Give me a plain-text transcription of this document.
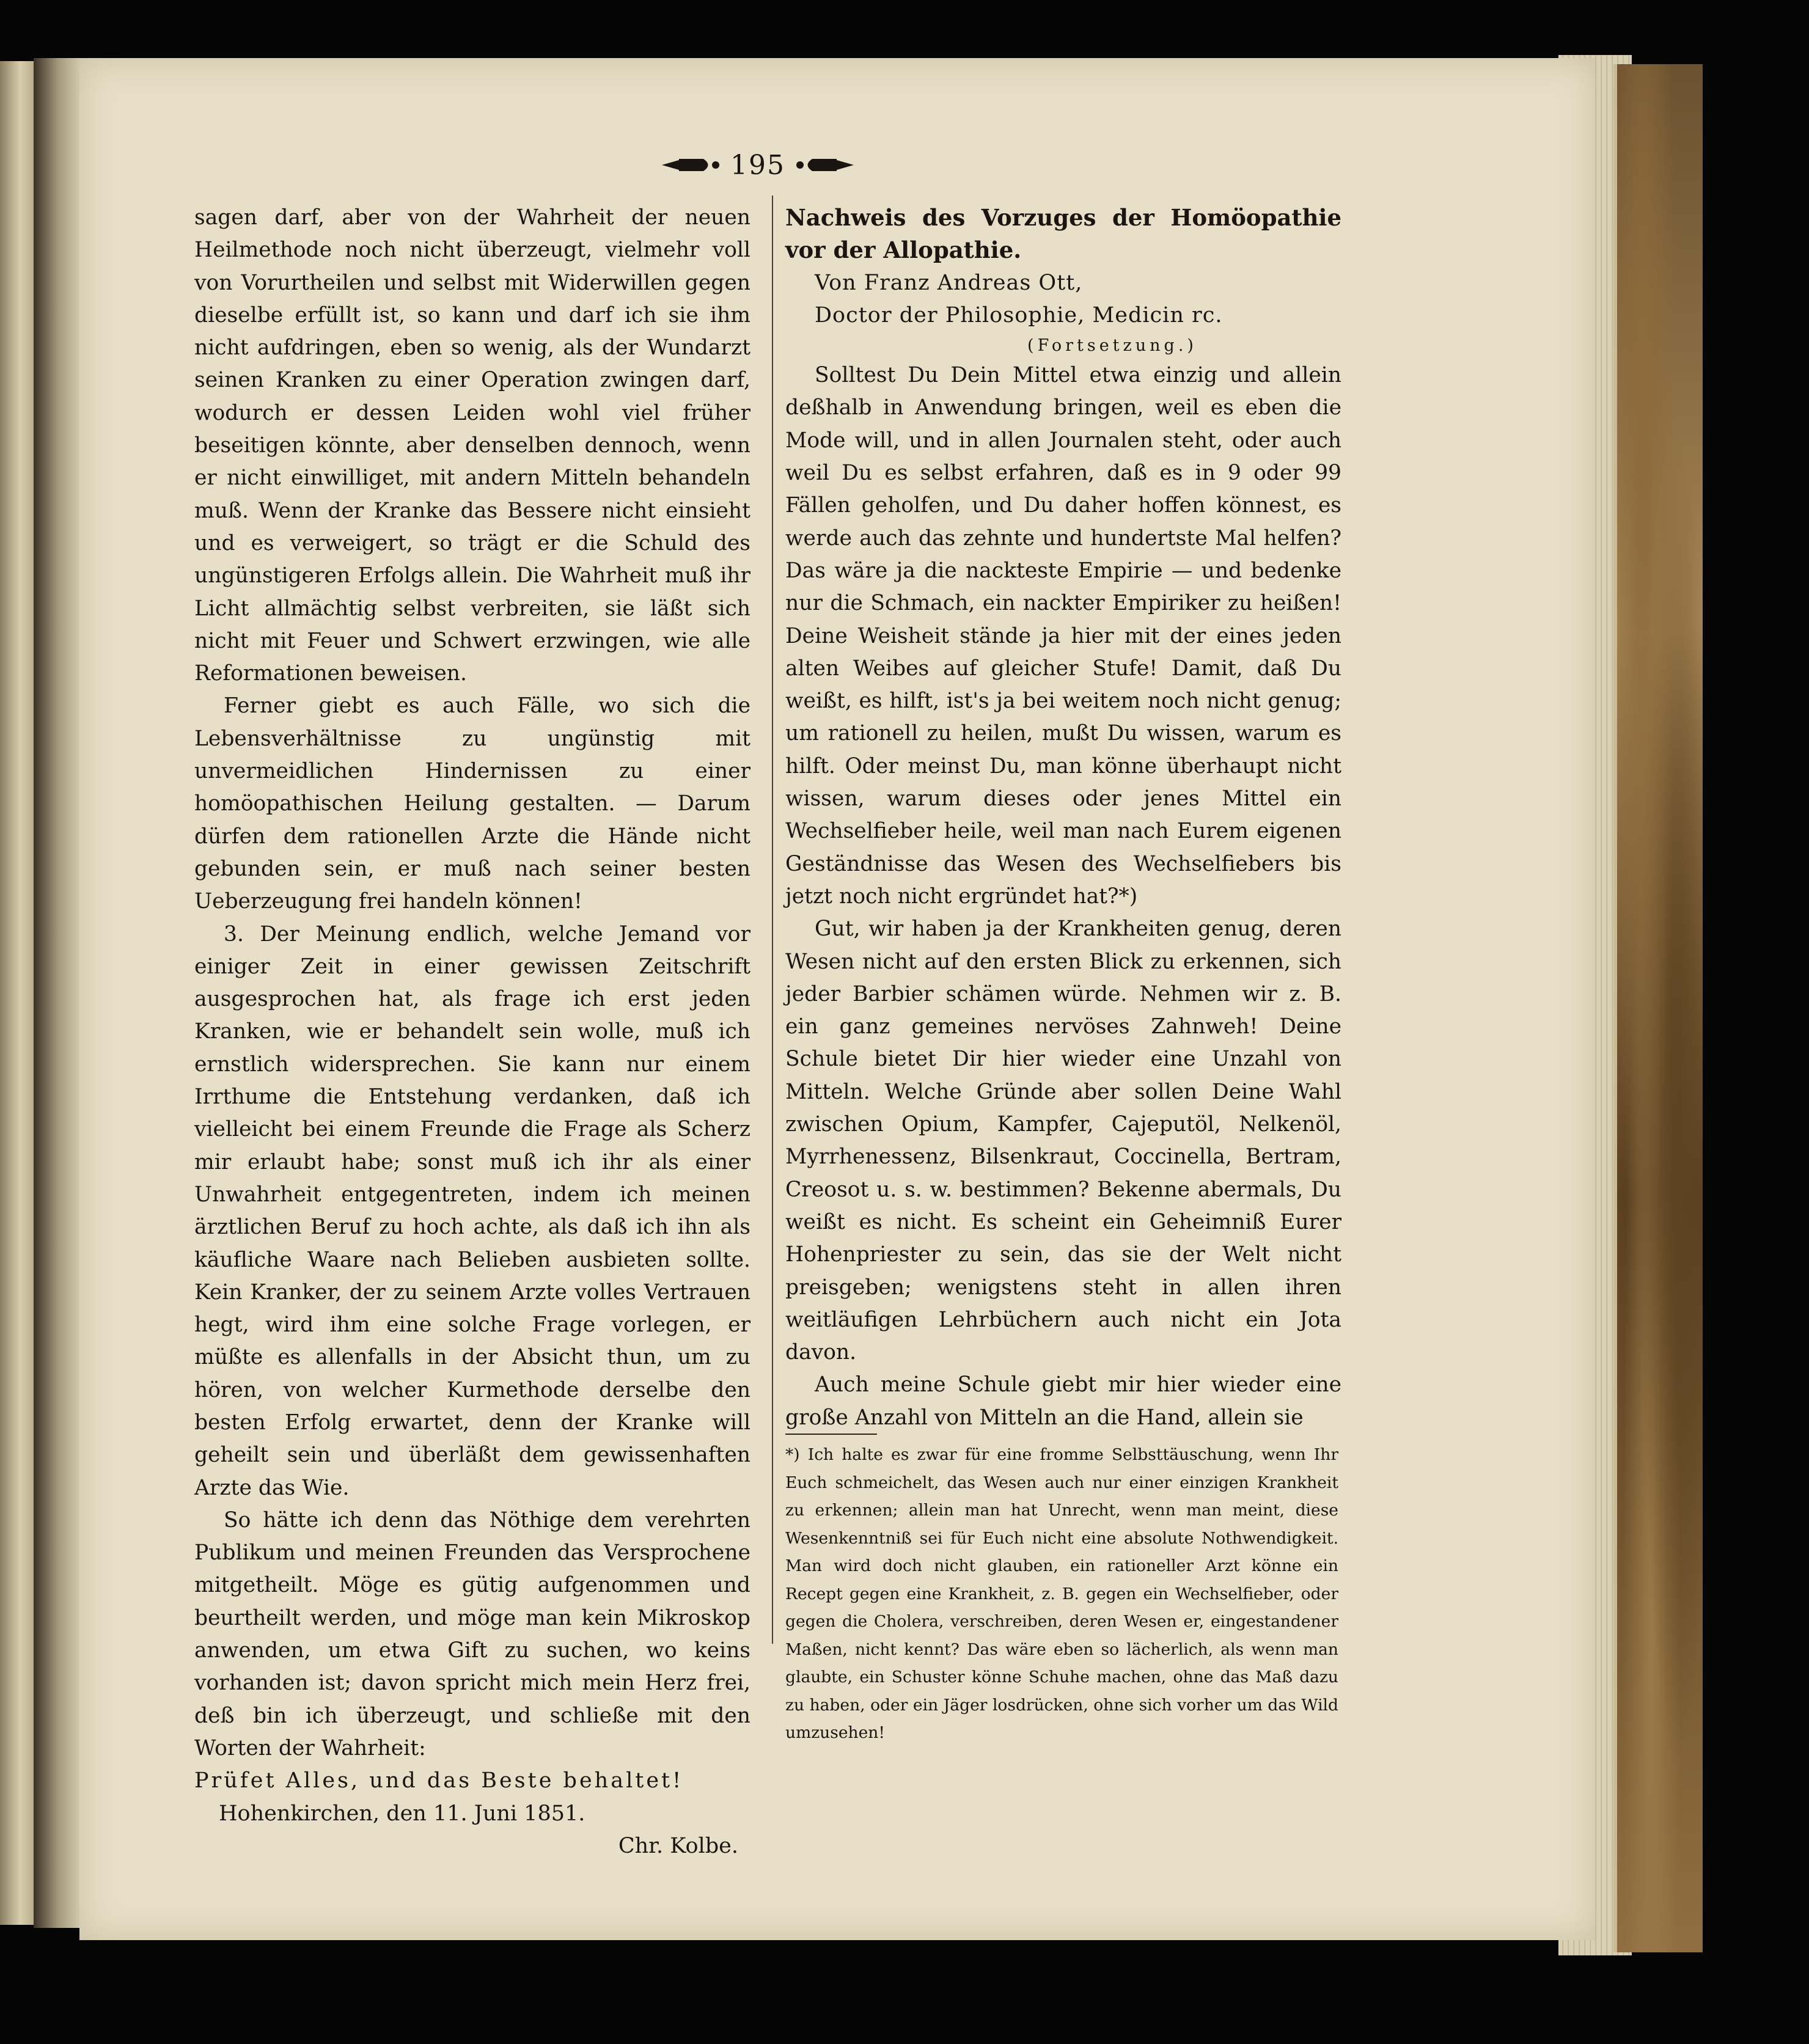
195

sagen darf, aber von der Wahrheit der neuen Heilmethode noch nicht überzeugt, vielmehr voll von Vorurtheilen und selbst mit Widerwillen gegen dieselbe erfüllt ist, so kann und darf ich sie ihm nicht aufdringen, eben so wenig, als der Wundarzt seinen Kranken zu einer Operation zwingen darf, wodurch er dessen Leiden wohl viel früher beseitigen könnte, aber denselben dennoch, wenn er nicht einwilliget, mit andern Mitteln behandeln muß. Wenn der Kranke das Bessere nicht einsieht und es verweigert, so trägt er die Schuld des ungünstigeren Erfolgs allein. Die Wahrheit muß ihr Licht allmächtig selbst verbreiten, sie läßt sich nicht mit Feuer und Schwert erzwingen, wie alle Reformationen beweisen.

Ferner giebt es auch Fälle, wo sich die Lebensverhältnisse zu ungünstig mit unvermeidlichen Hindernissen zu einer homöopathischen Heilung gestalten. — Darum dürfen dem rationellen Arzte die Hände nicht gebunden sein, er muß nach seiner besten Ueberzeugung frei handeln können!

3. Der Meinung endlich, welche Jemand vor einiger Zeit in einer gewissen Zeitschrift ausgesprochen hat, als frage ich erst jeden Kranken, wie er behandelt sein wolle, muß ich ernstlich widersprechen. Sie kann nur einem Irrthume die Entstehung verdanken, daß ich vielleicht bei einem Freunde die Frage als Scherz mir erlaubt habe; sonst muß ich ihr als einer Unwahrheit entgegentreten, indem ich meinen ärztlichen Beruf zu hoch achte, als daß ich ihn als käufliche Waare nach Belieben ausbieten sollte. Kein Kranker, der zu seinem Arzte volles Vertrauen hegt, wird ihm eine solche Frage vorlegen, er müßte es allenfalls in der Absicht thun, um zu hören, von welcher Kurmethode derselbe den besten Erfolg erwartet, denn der Kranke will geheilt sein und überläßt dem gewissenhaften Arzte das Wie.

So hätte ich denn das Nöthige dem verehrten Publikum und meinen Freunden das Versprochene mitgetheilt. Möge es gütig aufgenommen und beurtheilt werden, und möge man kein Mikroskop anwenden, um etwa Gift zu suchen, wo keins vorhanden ist; davon spricht mich mein Herz frei, deß bin ich überzeugt, und schließe mit den Worten der Wahrheit:

Prüfet Alles, und das Beste behaltet!

Hohenkirchen, den 11. Juni 1851.

Chr. Kolbe.

Nachweis des Vorzuges der Homöopathie vor der Allopathie.

Von Franz Andreas Ott,

Doctor der Philosophie, Medicin rc.

(Fortsetzung.)

Solltest Du Dein Mittel etwa einzig und allein deßhalb in Anwendung bringen, weil es eben die Mode will, und in allen Journalen steht, oder auch weil Du es selbst erfahren, daß es in 9 oder 99 Fällen geholfen, und Du daher hoffen könnest, es werde auch das zehnte und hundertste Mal helfen? Das wäre ja die nackteste Empirie — und bedenke nur die Schmach, ein nackter Empiriker zu heißen! Deine Weisheit stände ja hier mit der eines jeden alten Weibes auf gleicher Stufe! Damit, daß Du weißt, es hilft, ist's ja bei weitem noch nicht genug; um rationell zu heilen, mußt Du wissen, warum es hilft. Oder meinst Du, man könne überhaupt nicht wissen, warum dieses oder jenes Mittel ein Wechselfieber heile, weil man nach Eurem eigenen Geständnisse das Wesen des Wechselfiebers bis jetzt noch nicht ergründet hat?*)

Gut, wir haben ja der Krankheiten genug, deren Wesen nicht auf den ersten Blick zu erkennen, sich jeder Barbier schämen würde. Nehmen wir z. B. ein ganz gemeines nervöses Zahnweh! Deine Schule bietet Dir hier wieder eine Unzahl von Mitteln. Welche Gründe aber sollen Deine Wahl zwischen Opium, Kampfer, Cajeputöl, Nelkenöl, Myrrhenessenz, Bilsenkraut, Coccinella, Bertram, Creosot u. s. w. bestimmen? Bekenne abermals, Du weißt es nicht. Es scheint ein Geheimniß Eurer Hohenpriester zu sein, das sie der Welt nicht preisgeben; wenigstens steht in allen ihren weitläufigen Lehrbüchern auch nicht ein Jota davon.

Auch meine Schule giebt mir hier wieder eine große Anzahl von Mitteln an die Hand, allein sie

*) Ich halte es zwar für eine fromme Selbsttäuschung, wenn Ihr Euch schmeichelt, das Wesen auch nur einer einzigen Krankheit zu erkennen; allein man hat Unrecht, wenn man meint, diese Wesenkenntniß sei für Euch nicht eine absolute Nothwendigkeit. Man wird doch nicht glauben, ein rationeller Arzt könne ein Recept gegen eine Krankheit, z. B. gegen ein Wechselfieber, oder gegen die Cholera, verschreiben, deren Wesen er, eingestandener Maßen, nicht kennt? Das wäre eben so lächerlich, als wenn man glaubte, ein Schuster könne Schuhe machen, ohne das Maß dazu zu haben, oder ein Jäger losdrücken, ohne sich vorher um das Wild umzusehen!
